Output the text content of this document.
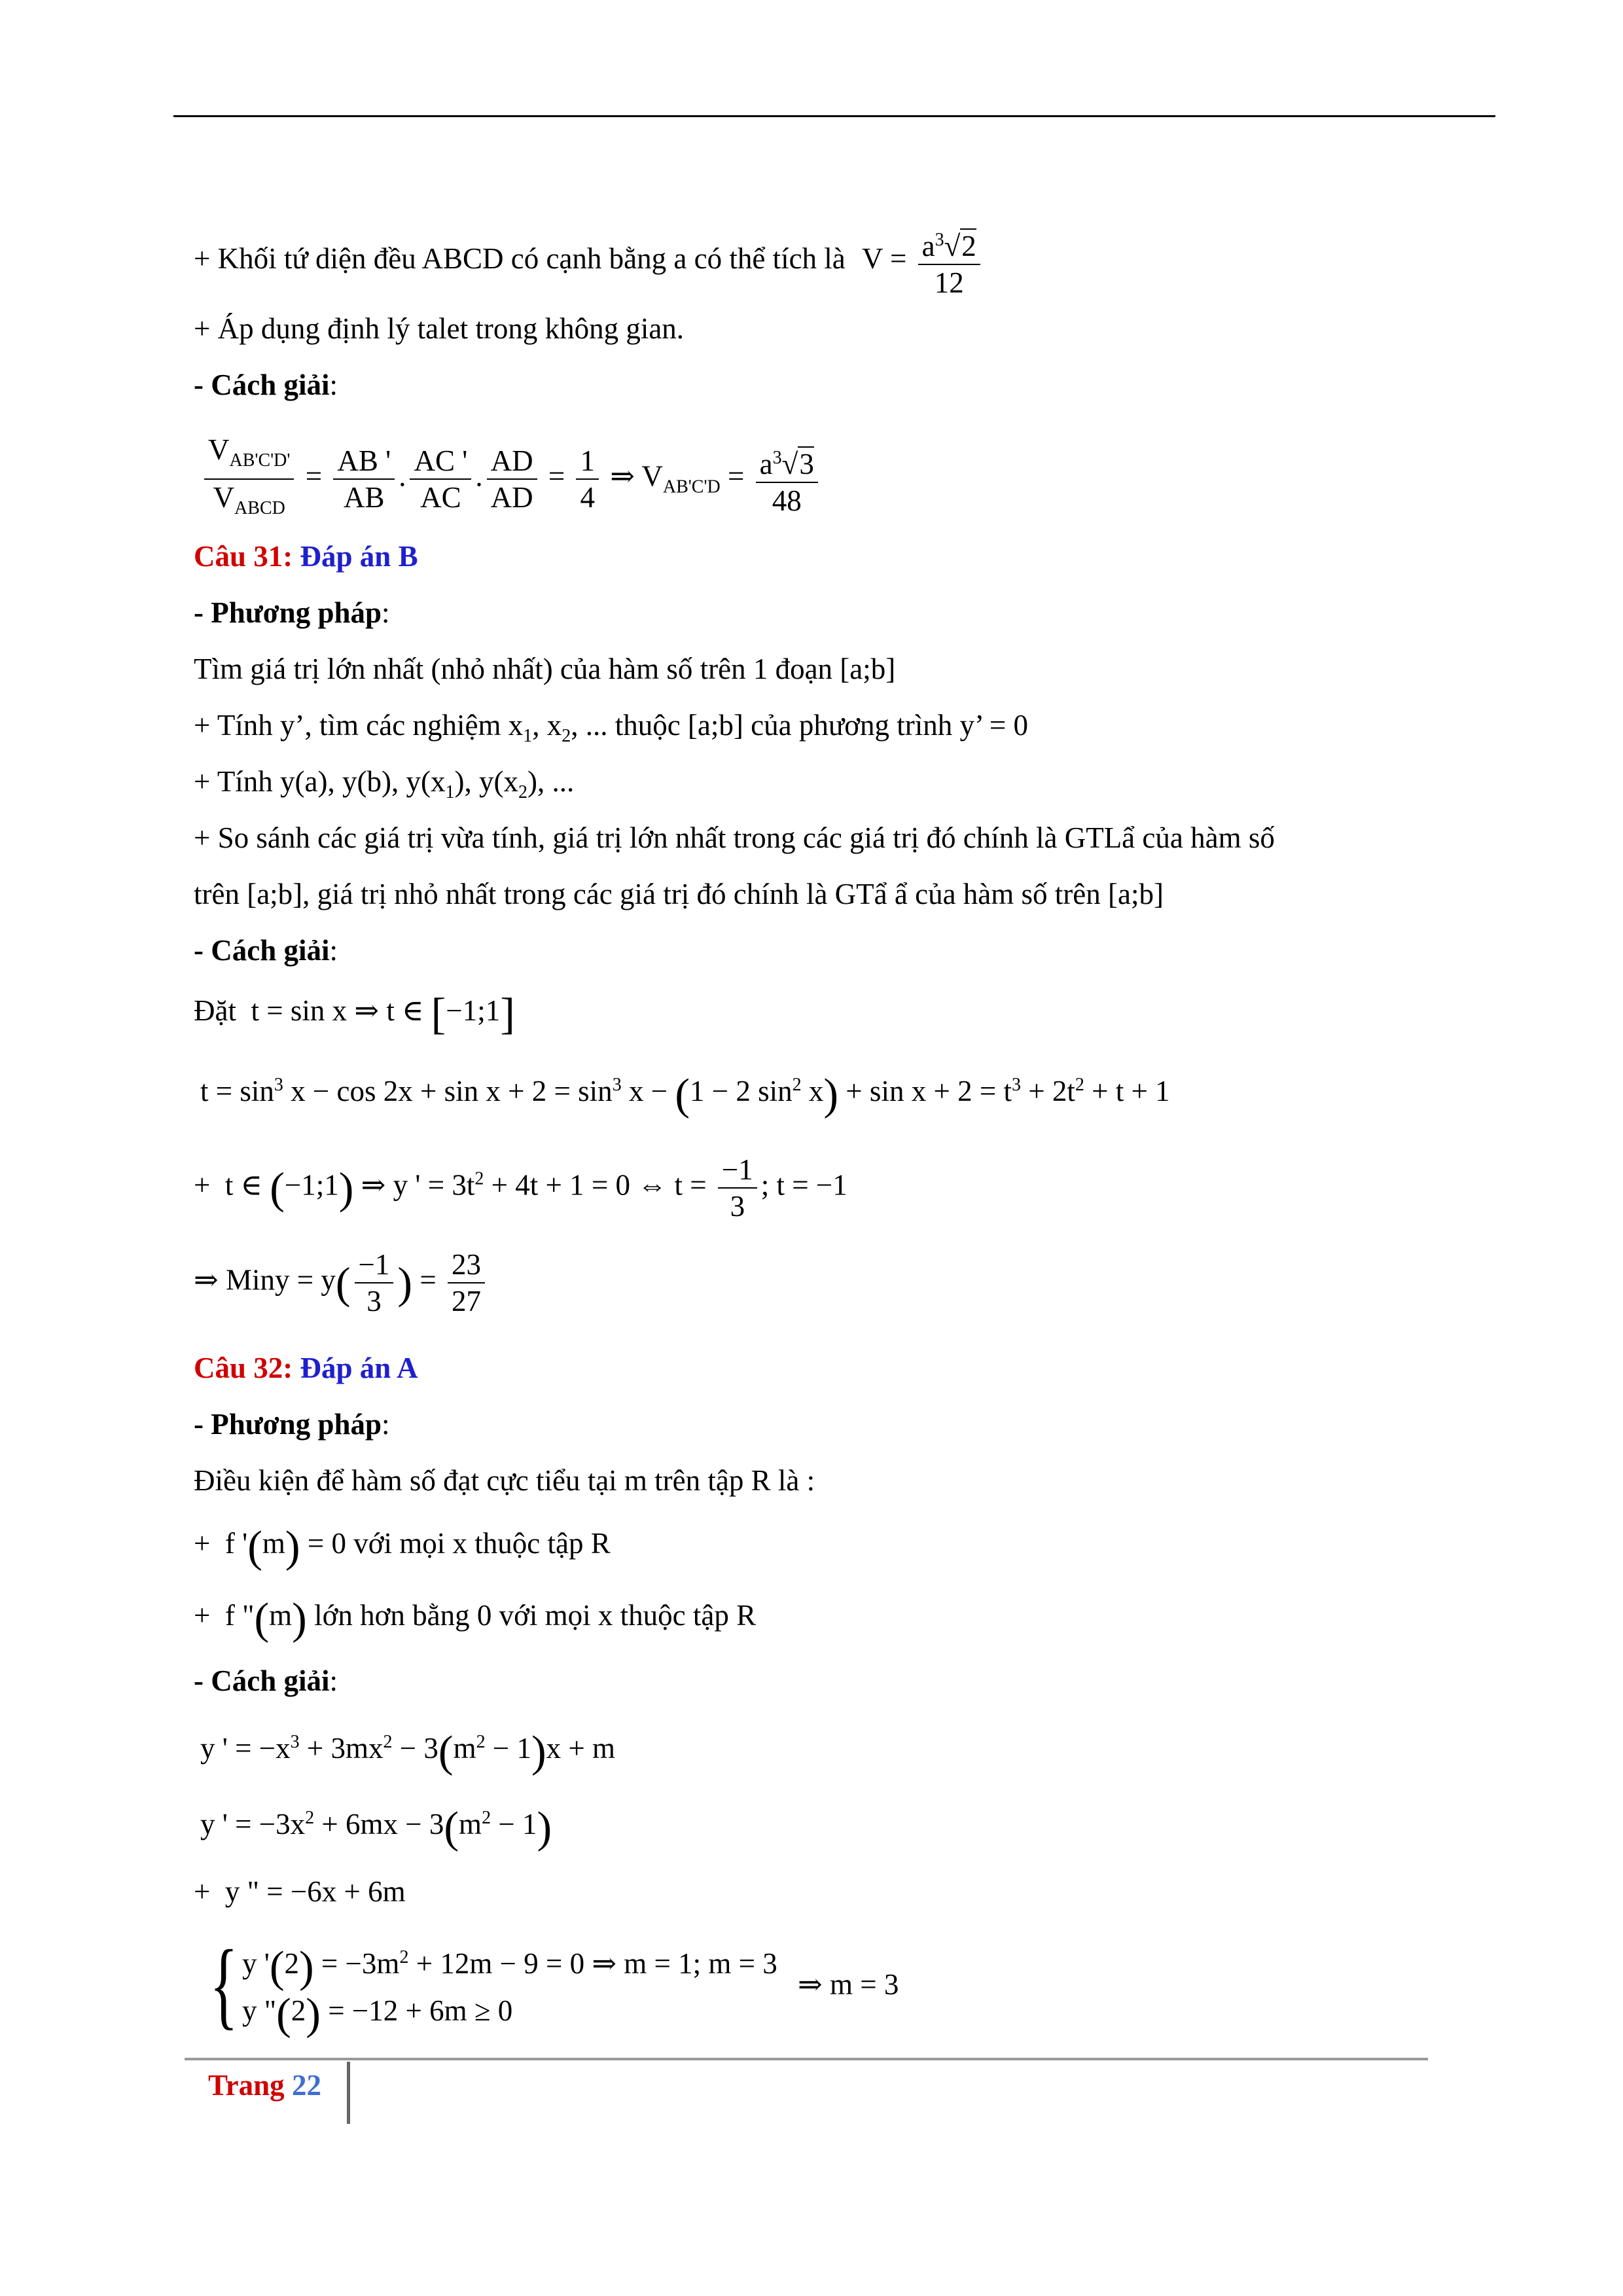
+ Khối tứ diện đều ABCD có cạnh bằng a có thể tích là $V = \frac{a^3√2}{12}$
+ Áp dụng định lý talet trong không gian.
- Cách giải:
$\frac{V_{AB'C'D'}}{V_{ABCD}} = \frac{AB '}{AB}$ . $\frac{AC '}{AC}$ . $\frac{AD}{AD} = \frac{1}{4}$ ⇒ $V_{AB'C'D} = \frac{a^3√3}{48}$
Câu 31: Đáp án B
- Phương pháp:
Tìm giá trị lớn nhất (nhỏ nhất) của hàm số trên 1 đoạn [a;b]
+ Tính y’, tìm các nghiệm $x_1$, $x_2$, ... thuộc [a;b] của phương trình y’ = 0
+ Tính y(a), y(b), $y(x_1)$, $y(x_2)$, ...
+ So sánh các giá trị vừa tính, giá trị lớn nhất trong các giá trị đó chính là GTLẩ của hàm số
trên [a;b], giá trị nhỏ nhất trong các giá trị đó chính là GTẩ ẩ của hàm số trên [a;b]
- Cách giải:
Đặt  t = sin x ⇒ t ∈ [−1;1]
$t = \sin^3 x - \cos 2x + \sin x + 2 = \sin^3 x - (1 - 2$ $\sin^2 x) + \sin x + 2 = t^3 + 2t^2 + t + 1$
+  t ∈ (−1;1) ⇒ y ' = $3t^2 + 4t + 1 = 0$ ⇔ $t = \frac{-1}{3}$ ; t = −1
⇒ Miny = $y( \frac{-1}{3}$ ) = $\frac{23}{27}$
Câu 32: Đáp án A
- Phương pháp:
Điều kiện để hàm số đạt cực tiểu tại m trên tập R là :
+  f '(m) = 0 với mọi x thuộc tập R
+  f "(m) lớn hơn bằng 0 với mọi x thuộc tập R
- Cách giải:
y ' = $-x^3 + 3mx^2 - 3(m^2 - 1)x + m$
y ' = $-3x^2 + 6mx - 3(m^2 - 1)$
+  y " = −6x + 6m
{ y '$(2) = -3m^2 + 12m - 9 = 0$ ⇒ m = 1; m = 3
y "(2) = −12 + 6m ≥ 0
⇒ m = 3
Trang 22
